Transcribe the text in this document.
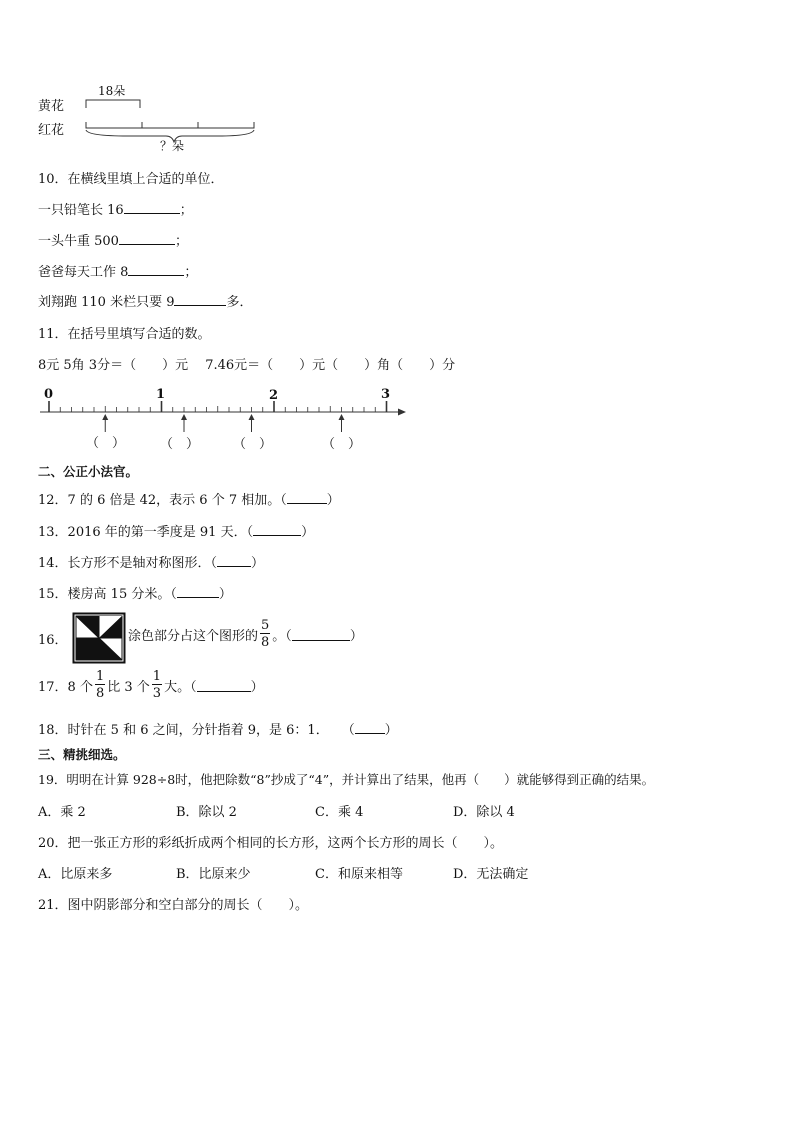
黄花
红花
18朵
？朵
10．在横线里填上合适的单位．
一只铅笔长 16	；
一头牛重 500	；
爸爸每天工作 8	；
刘翔跑 110 米栏只要 9	多．
11．在括号里填写合适的数。
8元 5角 3分＝（　　）元　 7.46元＝（　　）元（　　）角（　　）分
0	1	2	3
（　）	（　）	（　）	（　）
二、公正小法官。
12．7 的 6 倍是 42，表示 6 个 7 相加。（	）
13．2016 年的第一季度是 91 天．（	）
14．长方形不是轴对称图形．（	）
15．楼房高 15 分米。（	）
16．	涂色部分占这个图形的 $\frac{5}{8}$ 。（	）
17．8 个 $\frac{1}{8}$ 比 3 个 $\frac{1}{3}$ 大。（	）
18．时针在 5 和 6 之间，分针指着 9，是 6：1．　　（ ）
三、精挑细选。
19．明明在计算 928÷8时，他把除数“8”抄成了“4”，并计算出了结果，他再（　　）就能够得到正确的结果。
A．乘 2	B．除以 2	C．乘 4	D．除以 4
20．把一张正方形的彩纸折成两个相同的长方形，这两个长方形的周长（　　）。
A．比原来多	B．比原来少	C．和原来相等	D．无法确定
21．图中阴影部分和空白部分的周长（　　）。
